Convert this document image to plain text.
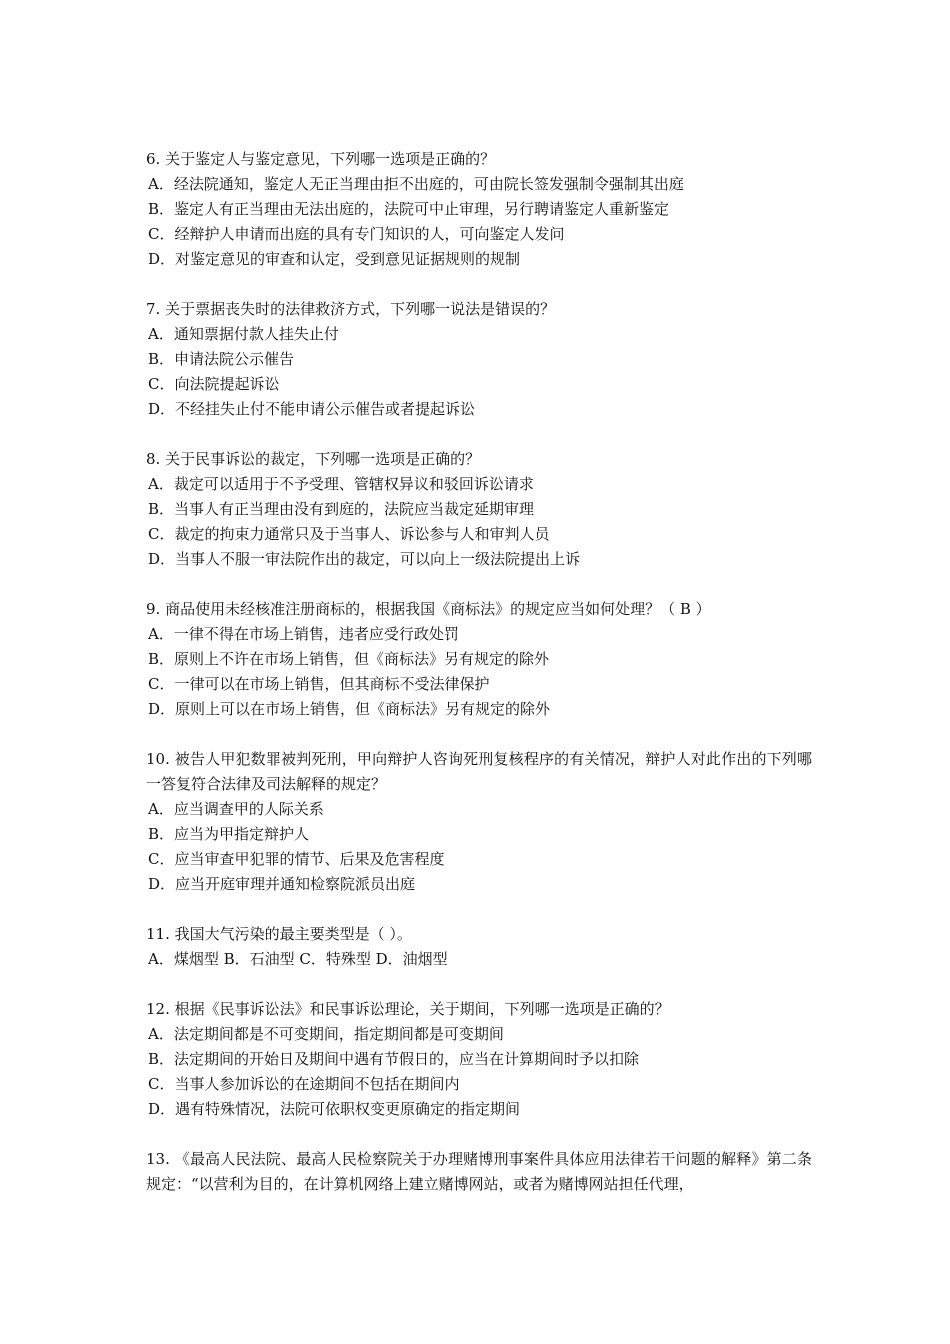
6. 关于鉴定人与鉴定意见，下列哪一选项是正确的？
A．经法院通知，鉴定人无正当理由拒不出庭的，可由院长签发强制令强制其出庭
B．鉴定人有正当理由无法出庭的，法院可中止审理，另行聘请鉴定人重新鉴定
C．经辩护人申请而出庭的具有专门知识的人，可向鉴定人发问
D．对鉴定意见的审查和认定，受到意见证据规则的规制
7. 关于票据丧失时的法律救济方式，下列哪一说法是错误的？
A．通知票据付款人挂失止付
B．申请法院公示催告
C．向法院提起诉讼
D．不经挂失止付不能申请公示催告或者提起诉讼
8. 关于民事诉讼的裁定，下列哪一选项是正确的？
A．裁定可以适用于不予受理、管辖权异议和驳回诉讼请求
B．当事人有正当理由没有到庭的，法院应当裁定延期审理
C．裁定的拘束力通常只及于当事人、诉讼参与人和审判人员
D．当事人不服一审法院作出的裁定，可以向上一级法院提出上诉
9. 商品使用未经核准注册商标的，根据我国《商标法》的规定应当如何处理？（ B ）
A．一律不得在市场上销售，违者应受行政处罚
B．原则上不许在市场上销售，但《商标法》另有规定的除外
C．一律可以在市场上销售，但其商标不受法律保护
D．原则上可以在市场上销售，但《商标法》另有规定的除外
10. 被告人甲犯数罪被判死刑，甲向辩护人咨询死刑复核程序的有关情况，辩护人对此作出的下列哪一答复符合法律及司法解释的规定？
A．应当调查甲的人际关系
B．应当为甲指定辩护人
C．应当审查甲犯罪的情节、后果及危害程度
D．应当开庭审理并通知检察院派员出庭
11. 我国大气污染的最主要类型是（ ）。
A．煤烟型 B．石油型 C．特殊型 D．油烟型
12. 根据《民事诉讼法》和民事诉讼理论，关于期间，下列哪一选项是正确的？
A．法定期间都是不可变期间，指定期间都是可变期间
B．法定期间的开始日及期间中遇有节假日的，应当在计算期间时予以扣除
C．当事人参加诉讼的在途期间不包括在期间内
D．遇有特殊情况，法院可依职权变更原确定的指定期间
13. 《最高人民法院、最高人民检察院关于办理赌博刑事案件具体应用法律若干问题的解释》第二条规定：“以营利为目的，在计算机网络上建立赌博网站，或者为赌博网站担任代理，
